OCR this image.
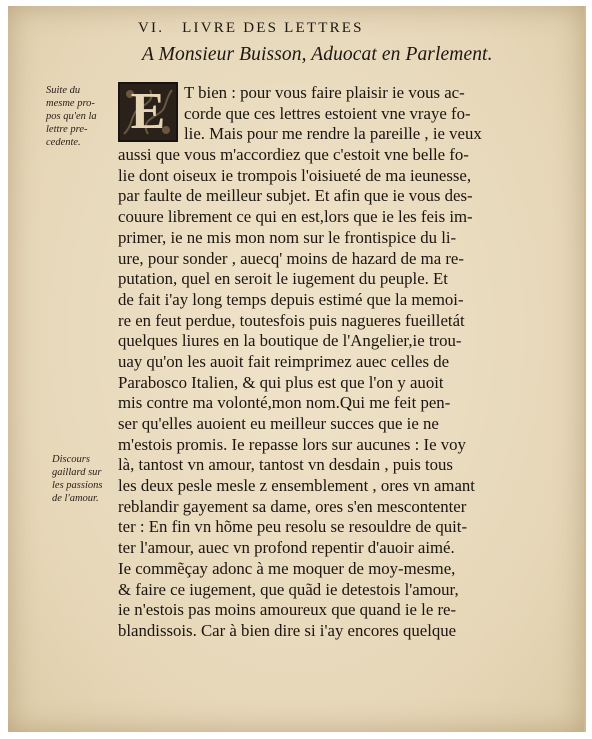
VI. LIVRE DES LETTRES
A Monsieur Buisson, Aduocat en Parlement.
Suite du
mesme pro-
pos qu'en la
lettre pre-
cedente.
Discours
gaillard sur
les passions
de l'amour.
T bien : pour vous faire plaisir ie vous ac-
corde que ces lettres estoient vne vraye fo-
lie. Mais pour me rendre la pareille , ie veux
aussi que vous m'accordiez que c'estoit vne belle fo-
lie dont oiseux ie trompois l'oisiueté de ma ieunesse,
par faulte de meilleur subjet. Et afin que ie vous des-
couure librement ce qui en est,lors que ie les feis im-
primer, ie ne mis mon nom sur le frontispice du li-
ure, pour sonder , auecq' moins de hazard de ma re-
putation, quel en seroit le iugement du peuple. Et
de fait i'ay long temps depuis estimé que la memoi-
re en feut perdue, toutesfois puis nagueres fueilletát
quelques liures en la boutique de l'Angelier,ie trou-
uay qu'on les auoit fait reimprimez auec celles de
Parabosco Italien, & qui plus est que l'on y auoit
mis contre ma volonté,mon nom.Qui me feit pen-
ser qu'elles auoient eu meilleur succes que ie ne
m'estois promis. Ie repasse lors sur aucunes : Ie voy
là, tantost vn amour, tantost vn desdain , puis tous
les deux pesle mesle z ensemblement , ores vn amant
reblandir gayement sa dame, ores s'en mescontenter
ter : En fin vn hõme peu resolu se resouldre de quit-
ter l'amour, auec vn profond repentir d'auoir aimé.
Ie commẽçay adonc à me moquer de moy-mesme,
& faire ce iugement, que quãd ie detestois l'amour,
ie n'estois pas moins amoureux que quand ie le re-
blandissois. Car à bien dire si i'ay encores quelque
E
